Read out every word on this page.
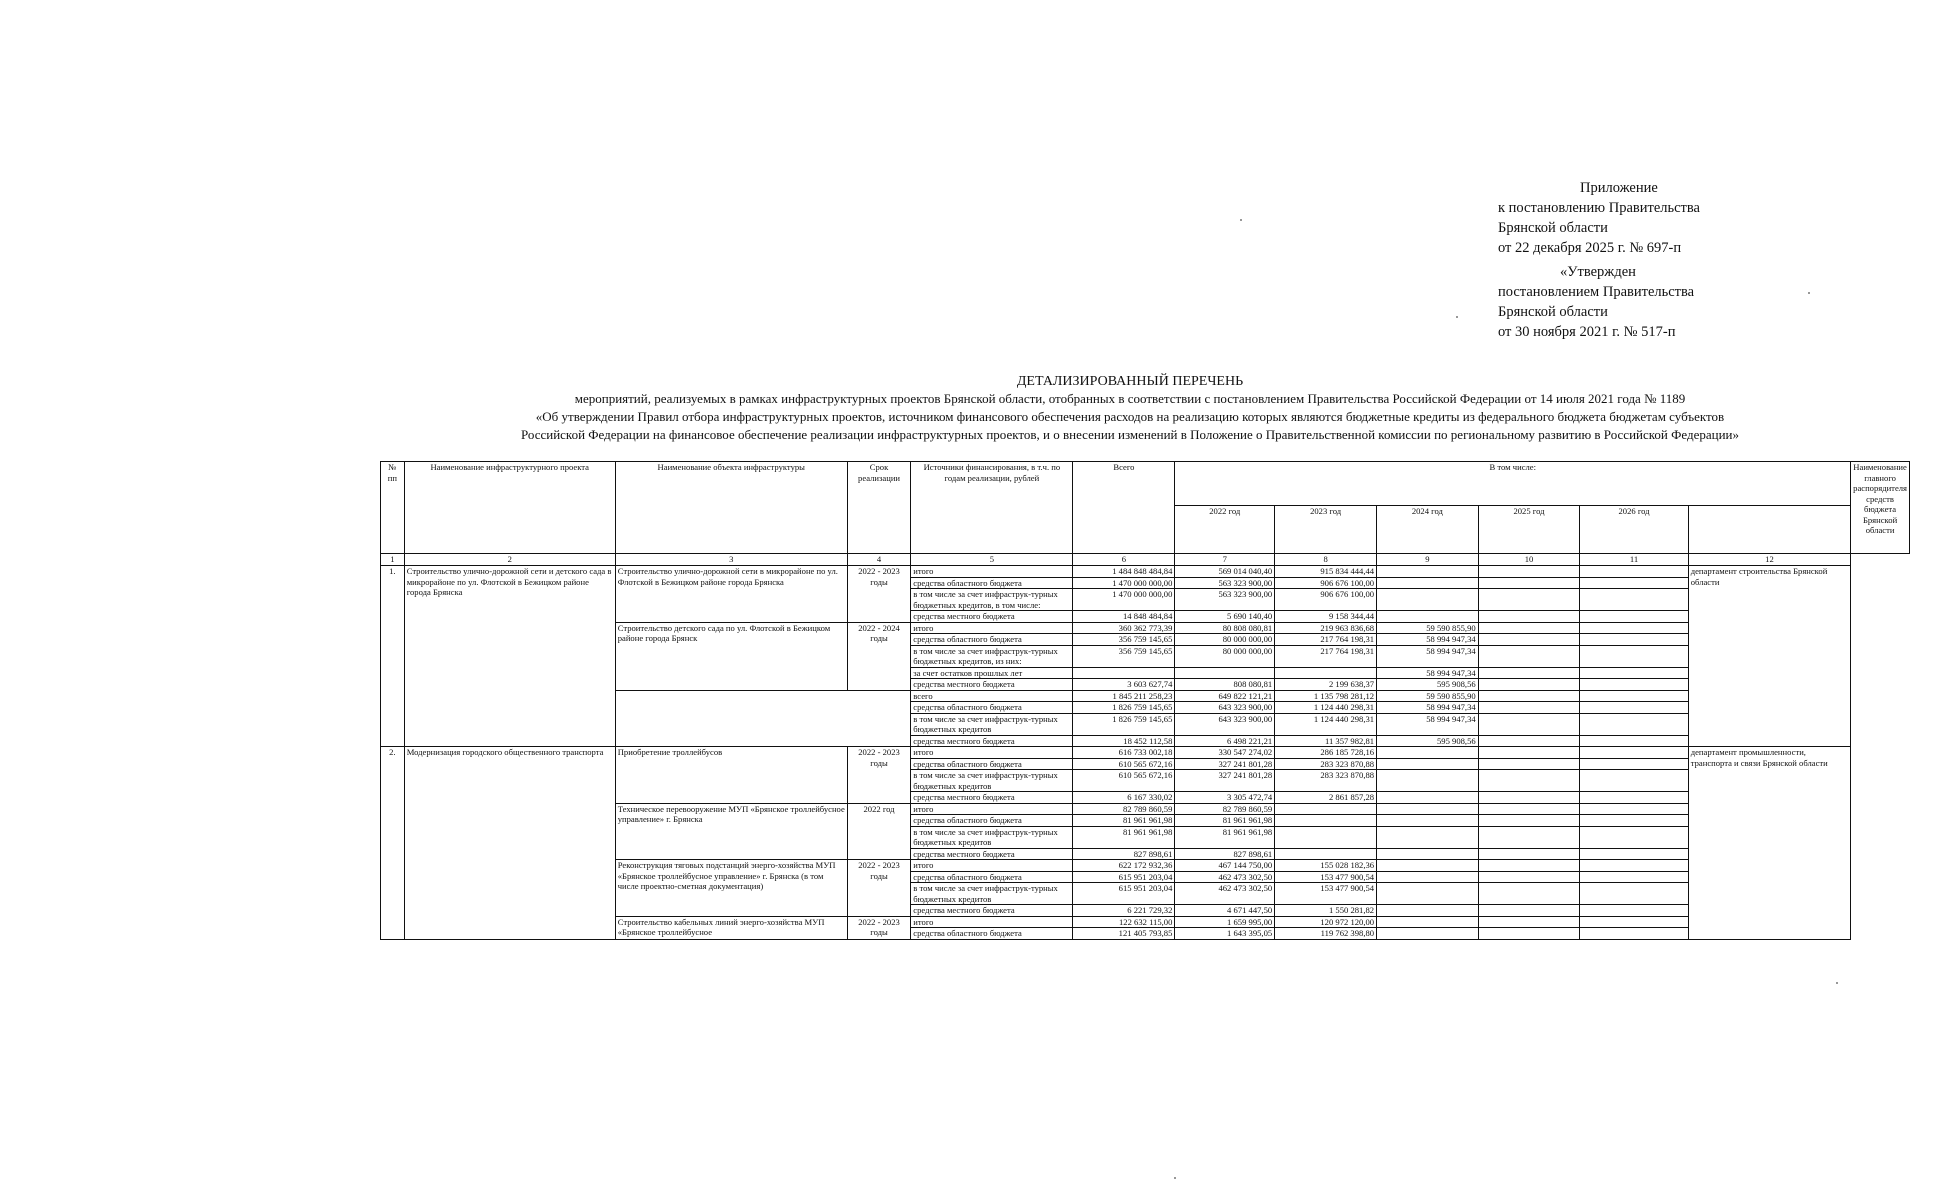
Приложение
к постановлению Правительства
Брянской области
от 22 декабря 2025 г. № 697-п
«Утвержден
постановлением Правительства
Брянской области
от 30 ноября 2021 г. № 517-п
ДЕТАЛИЗИРОВАННЫЙ ПЕРЕЧЕНЬ
мероприятий, реализуемых в рамках инфраструктурных проектов Брянской области, отобранных в соответствии с постановлением Правительства Российской Федерации от 14 июля 2021 года № 1189
«Об утверждении Правил отбора инфраструктурных проектов, источником финансового обеспечения расходов на реализацию которых являются бюджетные кредиты из федерального бюджета бюджетам субъектов
Российской Федерации на финансовое обеспечение реализации инфраструктурных проектов, и о внесении изменений в Положение о Правительственной комиссии по региональному развитию в Российской Федерации»
№ пп	Наименование инфраструктурного проекта	Наименование объекта инфраструктуры	Срок реализации	Источники финансирования, в т.ч. по годам реализации, рублей	Всего	В том числе:						Наименование главного распорядителя средств бюджета Брянской области
						2022 год	2023 год	2024 год	2025 год	2026 год		
1	2	3	4	5	6	7	8	9	10	11	12	
1.	Строительство улично-дорожной сети и детского сада в микрорайоне по ул. Флотской в Бежицком районе города Брянска	Строительство улично-дорожной сети в микрорайоне по ул. Флотской в Бежицком районе города Брянска	2022 - 2023 годы	итого	1 484 848 484,84	569 014 040,40	915 834 444,44				департамент строительства Брянской области	
				средства областного бюджета	1 470 000 000,00	563 323 900,00	906 676 100,00					
				в том числе за счет инфраструк-турных бюджетных кредитов, в том числе:	1 470 000 000,00	563 323 900,00	906 676 100,00					
				средства местного бюджета	14 848 484,84	5 690 140,40	9 158 344,44					
		Строительство детского сада по ул. Флотской в Бежицком районе города Брянск	2022 - 2024 годы	итого	360 362 773,39	80 808 080,81	219 963 836,68	59 590 855,90				
				средства областного бюджета	356 759 145,65	80 000 000,00	217 764 198,31	58 994 947,34				
				в том числе за счет инфраструк-турных бюджетных кредитов, из них:	356 759 145,65	80 000 000,00	217 764 198,31	58 994 947,34				
				за счет остатков прошлых лет				58 994 947,34				
				средства местного бюджета	3 603 627,74	808 080,81	2 199 638,37	595 908,56				
				всего	1 845 211 258,23	649 822 121,21	1 135 798 281,12	59 590 855,90				
				средства областного бюджета	1 826 759 145,65	643 323 900,00	1 124 440 298,31	58 994 947,34				
				в том числе за счет инфраструк-турных бюджетных кредитов	1 826 759 145,65	643 323 900,00	1 124 440 298,31	58 994 947,34				
				средства местного бюджета	18 452 112,58	6 498 221,21	11 357 982,81	595 908,56				
2.	Модернизация городского общественного транспорта	Приобретение троллейбусов	2022 - 2023 годы	итого	616 733 002,18	330 547 274,02	286 185 728,16				департамент промышленности, транспорта и связи Брянской области	
				средства областного бюджета	610 565 672,16	327 241 801,28	283 323 870,88					
				в том числе за счет инфраструк-турных бюджетных кредитов	610 565 672,16	327 241 801,28	283 323 870,88					
				средства местного бюджета	6 167 330,02	3 305 472,74	2 861 857,28					
		Техническое перевооружение МУП «Брянское троллейбусное управление» г. Брянска	2022 год	итого	82 789 860,59	82 789 860,59						
				средства областного бюджета	81 961 961,98	81 961 961,98						
				в том числе за счет инфраструк-турных бюджетных кредитов	81 961 961,98	81 961 961,98						
				средства местного бюджета	827 898,61	827 898,61						
		Реконструкция тяговых подстанций энерго-хозяйства МУП «Брянское троллейбусное управление» г. Брянска (в том числе проектно-сметная документация)	2022 - 2023 годы	итого	622 172 932,36	467 144 750,00	155 028 182,36					
				средства областного бюджета	615 951 203,04	462 473 302,50	153 477 900,54					
				в том числе за счет инфраструк-турных бюджетных кредитов	615 951 203,04	462 473 302,50	153 477 900,54					
				средства местного бюджета	6 221 729,32	4 671 447,50	1 550 281,82					
		Строительство кабельных линий энерго-хозяйства МУП «Брянское троллейбусное	2022 - 2023 годы	итого	122 632 115,00	1 659 995,00	120 972 120,00					
				средства областного бюджета	121 405 793,85	1 643 395,05	119 762 398,80					
